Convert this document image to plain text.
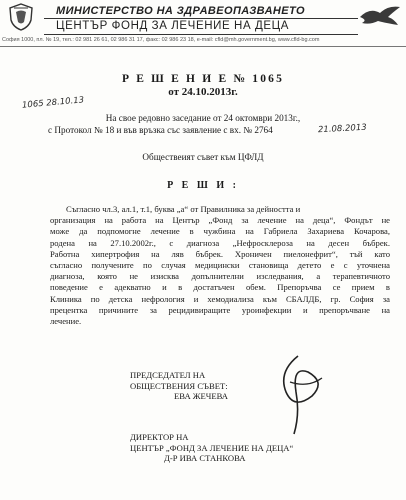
МИНИСТЕРСТВО НА ЗДРАВЕОПАЗВАНЕТО
ЦЕНТЪР ФОНД ЗА ЛЕЧЕНИЕ НА ДЕЦА
София 1000, пл. № 19, тел.: 02 981 26 61, 02 986 31 17, факс: 02 986 23 18, e-mail: cfld@mh.government.bg, www.cfld-bg.com
1065 28.10.13
Р Е Ш Е Н И Е № 1065
от 24.10.2013г.
На свое редовно заседание от 24 октомври 2013г.,
с Протокол № 18 и във връзка със заявление с вх. № 2764	21.08.2013
Обществеият съвет към ЦФЛД
Р Е Ш И :
Съгласно чл.3, ал.1, т.1, буква „а“ от Правилника за дейността и
организация на работа на Център „Фонд за лечение на деца“, Фондът не
може да подпомогне лечение в чужбина на Габриела Захариева Кочарова,
родена на 27.10.2002г., с диагноза „Нефросклероза на десен бъбрек.
Работна хипертрофия на ляв бъбрек. Хроничен пиелонефрит“, тъй като
съгласно получените по случая медицински становища детето е с уточнена
диагноза, която не изисква допълнителни изследвания, а терапевтичното
поведение е адекватно и в достатъчен обем. Препоръчва се прием в
Клиника по детска нефрология и хемодиализа към СБАЛДБ, гр. София за
прецентка причините за рецидивиращите уроинфекции и препоръчване на
лечение.
ПРЕДСЕДАТЕЛ НА
ОБЩЕСТВЕНИЯ СЪВЕТ:
ЕВА ЖЕЧЕВА
ДИРЕКТОР НА
ЦЕНТЪР „ФОНД ЗА ЛЕЧЕНИЕ НА ДЕЦА“
Д-Р ИВА СТАНКОВА
